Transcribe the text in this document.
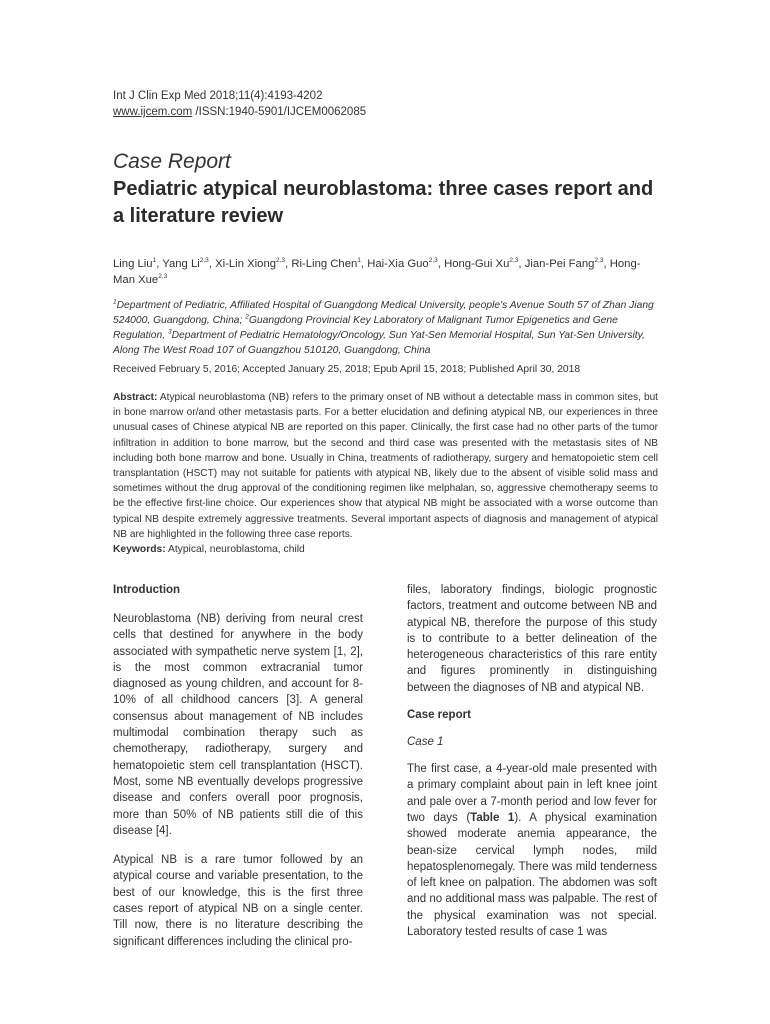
Int J Clin Exp Med 2018;11(4):4193-4202
www.ijcem.com /ISSN:1940-5901/IJCEM0062085
Case Report
Pediatric atypical neuroblastoma: three cases report and a literature review
Ling Liu$^1$, Yang Li$^{2,3}$, Xi-Lin Xiong$^{2,3}$, Ri-Ling Chen$^1$, Hai-Xia Guo$^{2,3}$, Hong-Gui Xu$^{2,3}$, Jian-Pei Fang$^{2,3}$, Hong-Man Xue$^{2,3}$
$^1$Department of Pediatric, Affiliated Hospital of Guangdong Medical University, people's Avenue South 57 of Zhan Jiang 524000, Guangdong, China; $^2$Guangdong Provincial Key Laboratory of Malignant Tumor Epigenetics and Gene Regulation, $^3$Department of Pediatric Hematology/Oncology, Sun Yat-Sen Memorial Hospital, Sun Yat-Sen University, Along The West Road 107 of Guangzhou 510120, Guangdong, China
Received February 5, 2016; Accepted January 25, 2018; Epub April 15, 2018; Published April 30, 2018

Abstract: Atypical neuroblastoma (NB) refers to the primary onset of NB without a detectable mass in common sites, but in bone marrow or/and other metastasis parts. For a better elucidation and defining atypical NB, our experiences in three unusual cases of Chinese atypical NB are reported on this paper. Clinically, the first case had no other parts of the tumor infiltration in addition to bone marrow, but the second and third case was presented with the metastasis sites of NB including both bone marrow and bone. Usually in China, treatments of radiotherapy, surgery and hematopoietic stem cell transplantation (HSCT) may not suitable for patients with atypical NB, likely due to the absent of visible solid mass and sometimes without the drug approval of the conditioning regimen like melphalan, so, aggressive chemotherapy seems to be the effective first-line choice. Our experiences show that atypical NB might be associated with a worse outcome than typical NB despite extremely aggressive treatments. Several important aspects of diagnosis and management of atypical NB are highlighted in the following three case reports.

Keywords: Atypical, neuroblastoma, child
Introduction

Neuroblastoma (NB) deriving from neural crest cells that destined for anywhere in the body associated with sympathetic nerve system [1, 2], is the most common extracranial tumor diagnosed as young children, and account for 8-10% of all childhood cancers [3]. A general consensus about management of NB includes multimodal combination therapy such as chemotherapy, radiotherapy, surgery and hematopoietic stem cell transplantation (HSCT). Most, some NB eventually develops progressive disease and confers overall poor prognosis, more than 50% of NB patients still die of this disease [4].

Atypical NB is a rare tumor followed by an atypical course and variable presentation, to the best of our knowledge, this is the first three cases report of atypical NB on a single center. Till now, there is no literature describing the significant differences including the clinical pro-

files, laboratory findings, biologic prognostic factors, treatment and outcome between NB and atypical NB, therefore the purpose of this study is to contribute to a better delineation of the heterogeneous characteristics of this rare entity and figures prominently in distinguishing between the diagnoses of NB and atypical NB.

Case report
Case 1

The first case, a 4-year-old male presented with a primary complaint about pain in left knee joint and pale over a 7-month period and low fever for two days (Table 1). A physical examination showed moderate anemia appearance, the bean-size cervical lymph nodes, mild hepatosplenomegaly. There was mild tenderness of left knee on palpation. The abdomen was soft and no additional mass was palpable. The rest of the physical examination was not special. Laboratory tested results of case 1 was
